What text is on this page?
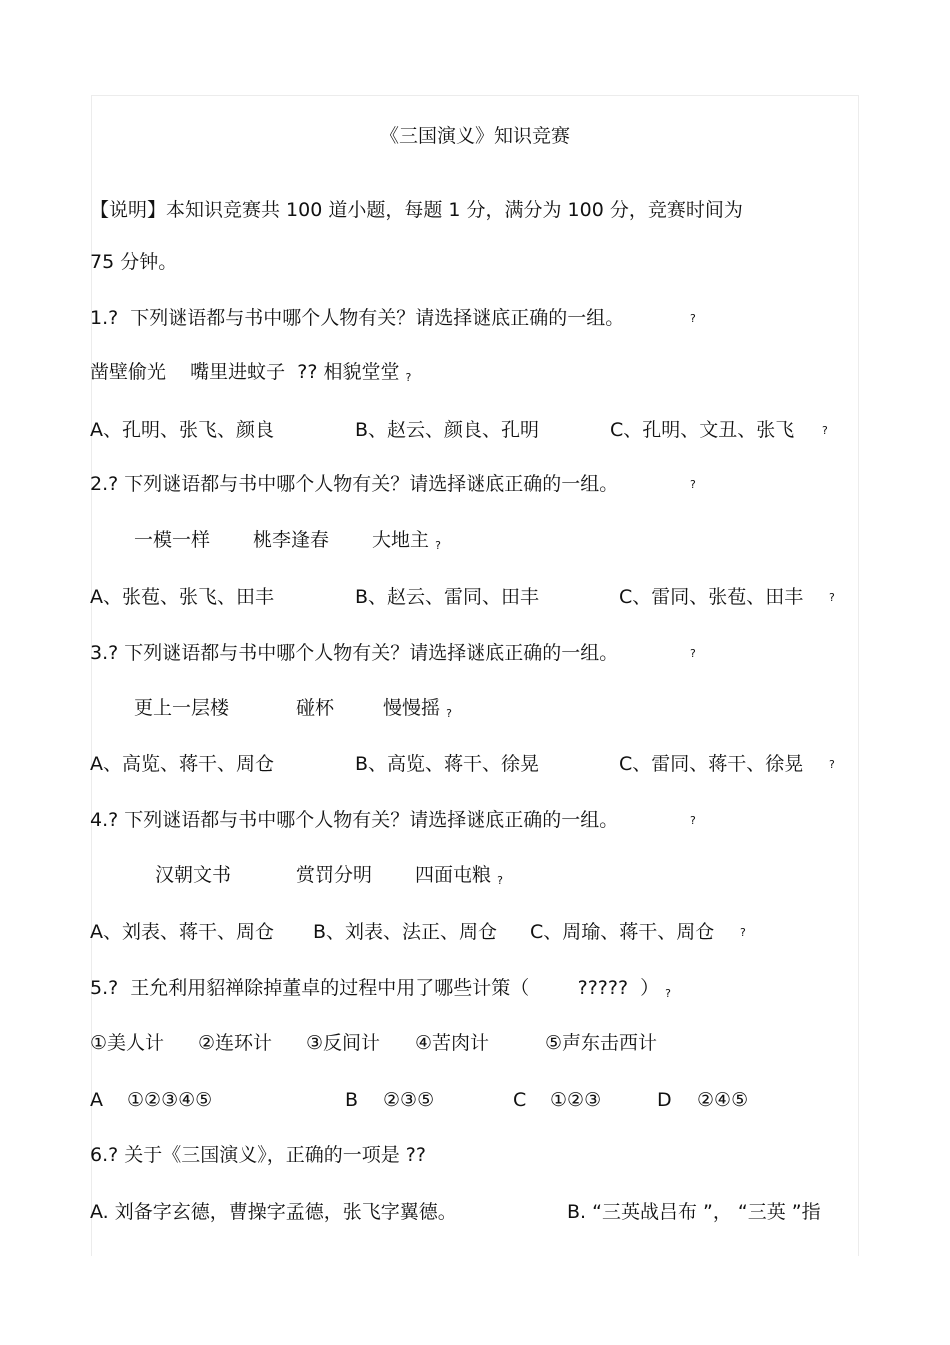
《三国演义》知识竞赛
【说明】本知识竞赛共 100 道小题，每题 1 分，满分为 100 分，竞赛时间为
75 分钟。
1.?  下列谜语都与书中哪个人物有关？请选择谜底正确的一组。	?
凿壁偷光    嘴里进蚊子  ?? 相貌堂堂 ?
A、孔明、张飞、颜良	B、赵云、颜良、孔明	C、孔明、文丑、张飞	?
2.? 下列谜语都与书中哪个人物有关？请选择谜底正确的一组。	?
一模一样 桃李逢春 大地主 ?
A、张苞、张飞、田丰	B、赵云、雷同、田丰	C、雷同、张苞、田丰 ?
3.? 下列谜语都与书中哪个人物有关？请选择谜底正确的一组。	?
更上一层楼	碰杯	慢慢摇 ?
A、高览、蒋干、周仓	B、高览、蒋干、徐晃	C、雷同、蒋干、徐晃 ?
4.? 下列谜语都与书中哪个人物有关？请选择谜底正确的一组。	?
汉朝文书	赏罚分明 四面屯粮 ?
A、刘表、蒋干、周仓 B、刘表、法正、周仓 C、周瑜、蒋干、周仓 ?
5.?  王允利用貂禅除掉董卓的过程中用了哪些计策（        ?????  ） ?
①美人计 ②连环计 ③反间计 ④苦肉计	⑤声东击西计
A ①②③④⑤	B ②③⑤	C ①②③	D ②④⑤
6.? 关于《三国演义》，正确的一项是 ??
A. 刘备字玄德，曹操字孟德，张飞字翼德。	B. “三英战吕布 ”， “三英 ”指
